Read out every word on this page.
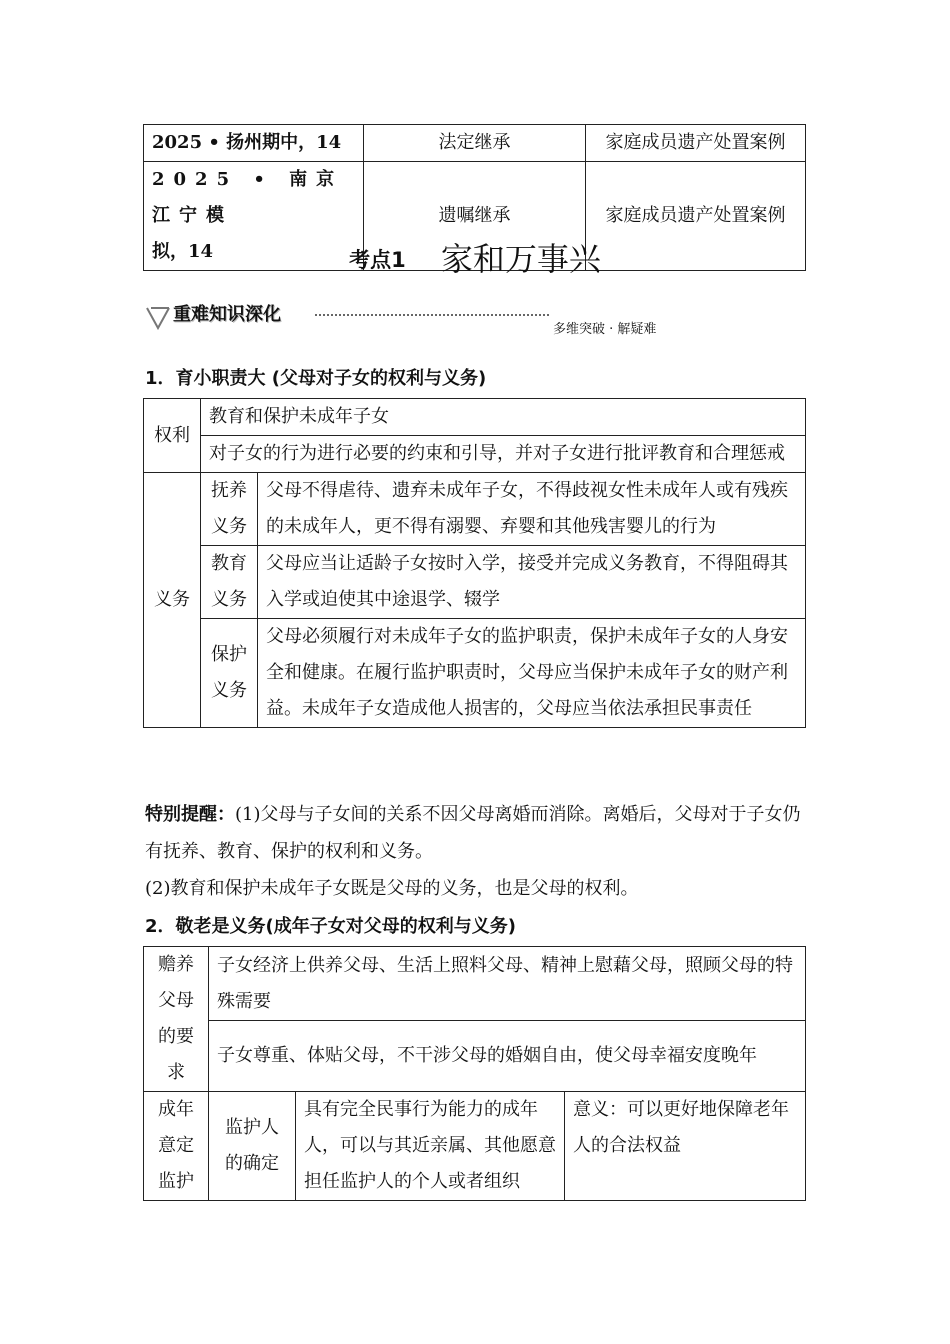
2025 • 扬州期中，14	法定继承	家庭成员遗产处置案例

2025 • 南京江宁模
拟，14	遗嘱继承	家庭成员遗产处置案例
考点1 家和万事兴
重难知识深化
多维突破 · 解疑难
1．育小职责大 (父母对子女的权利与义务)
权利	教育和保护未成年子女	
	对子女的行为进行必要的约束和引导，并对子女进行批评教育和合理惩戒	
义务	抚养义务	父母不得虐待、遗弃未成年子女，不得歧视女性未成年人或有残疾的未成年人，更不得有溺婴、弃婴和其他残害婴儿的行为
	教育义务	父母应当让适龄子女按时入学，接受并完成义务教育，不得阻碍其入学或迫使其中途退学、辍学
	保护义务	父母必须履行对未成年子女的监护职责，保护未成年子女的人身安全和健康。在履行监护职责时，父母应当保护未成年子女的财产利益。未成年子女造成他人损害的，父母应当依法承担民事责任
特别提醒：(1)父母与子女间的关系不因父母离婚而消除。离婚后，父母对于子女仍有抚养、教育、保护的权利和义务。
(2)教育和保护未成年子女既是父母的义务，也是父母的权利。
2．敬老是义务(成年子女对父母的权利与义务)
赡养父母的要求	子女经济上供养父母、生活上照料父母、精神上慰藉父母，照顾父母的特殊需要		
	子女尊重、体贴父母，不干涉父母的婚姻自由，使父母幸福安度晚年		
成年意定监护	监护人的确定	具有完全民事行为能力的成年人，可以与其近亲属、其他愿意担任监护人的个人或者组织	意义：可以更好地保障老年人的合法权益
